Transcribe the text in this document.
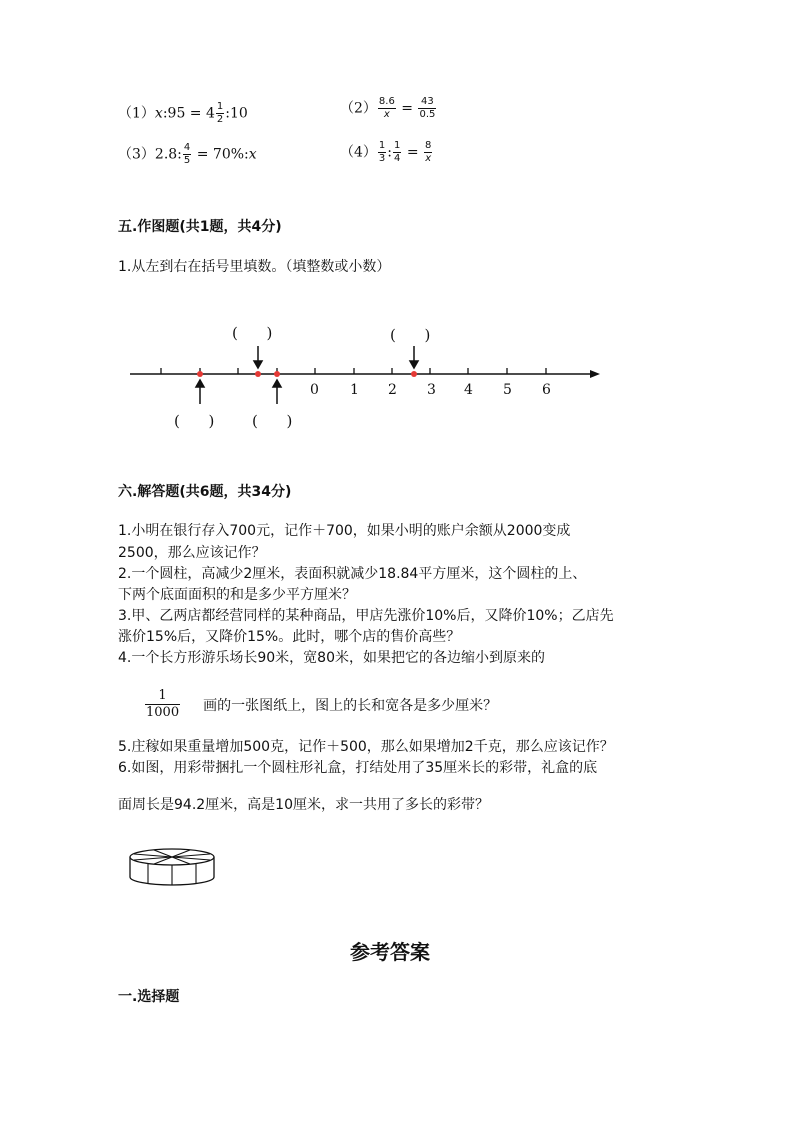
（1）x:95 = $4 \frac{1}{2}$ :10	$(2) \frac{8.6}{x} = \frac{43}{0.5}$
（3）2.8: $\frac{4}{5}$ = 70%:x	$(4) \frac{1}{3}$ : $\frac{1}{4} = \frac{8}{x}$
五.作图题(共1题，共4分)
1.从左到右在括号里填数。（填整数或小数）
0 1 2 3 4 5 6
(      )	(      )
(      )	(      )
六.解答题(共6题，共34分)
1.小明在银行存入700元，记作＋700，如果小明的账户余额从2000变成
2500，那么应该记作？
2.一个圆柱，高减少2厘米，表面积就减少18.84平方厘米，这个圆柱的上、
下两个底面面积的和是多少平方厘米？
3.甲、乙两店都经营同样的某种商品，甲店先涨价10%后，又降价10%；乙店先
涨价15%后，又降价15%。此时，哪个店的售价高些？
4.一个长方形游乐场长90米，宽80米，如果把它的各边缩小到原来的
$\frac{1}{1000}$ 画的一张图纸上，图上的长和宽各是多少厘米？
5.庄稼如果重量增加500克，记作＋500，那么如果增加2千克，那么应该记作？
6.如图，用彩带捆扎一个圆柱形礼盒，打结处用了35厘米长的彩带，礼盒的底
面周长是94.2厘米，高是10厘米，求一共用了多长的彩带？
参考答案
一.选择题
